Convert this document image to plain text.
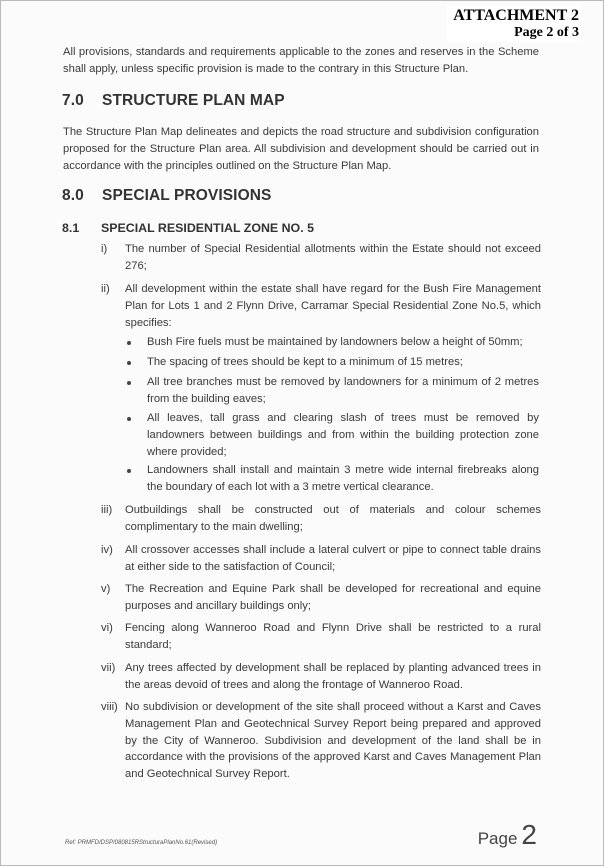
ATTACHMENT 2
Page 2 of 3

All provisions, standards and requirements applicable to the zones and reserves in the Scheme shall apply, unless specific provision is made to the contrary in this Structure Plan.

7.0 STRUCTURE PLAN MAP

The Structure Plan Map delineates and depicts the road structure and subdivision configuration proposed for the Structure Plan area. All subdivision and development should be carried out in accordance with the principles outlined on the Structure Plan Map.

8.0 SPECIAL PROVISIONS
8.1 SPECIAL RESIDENTIAL ZONE NO. 5
i)	The number of Special Residential allotments within the Estate should not exceed 276;
ii)	All development within the estate shall have regard for the Bush Fire Management Plan for Lots 1 and 2 Flynn Drive, Carramar Special Residential Zone No.5, which specifies:
Bush Fire fuels must be maintained by landowners below a height of 50mm;
The spacing of trees should be kept to a minimum of 15 metres;
All tree branches must be removed by landowners for a minimum of 2 metres from the building eaves;
All leaves, tall grass and clearing slash of trees must be removed by landowners between buildings and from within the building protection zone where provided;
Landowners shall install and maintain 3 metre wide internal firebreaks along the boundary of each lot with a 3 metre vertical clearance.
iii)	Outbuildings shall be constructed out of materials and colour schemes complimentary to the main dwelling;
iv)	All crossover accesses shall include a lateral culvert or pipe to connect table drains at either side to the satisfaction of Council;
v)	The Recreation and Equine Park shall be developed for recreational and equine purposes and ancillary buildings only;
vi)	Fencing along Wanneroo Road and Flynn Drive shall be restricted to a rural standard;
vii) Any trees affected by development shall be replaced by planting advanced trees in the areas devoid of trees and along the frontage of Wanneroo Road.
viii) No subdivision or development of the site shall proceed without a Karst and Caves Management Plan and Geotechnical Survey Report being prepared and approved by the City of Wanneroo. Subdivision and development of the land shall be in accordance with the provisions of the approved Karst and Caves Management Plan and Geotechnical Survey Report.
Ref: PRMFD/DSP/080815RStructuraPlanNo.61(Revised)	Page 2
